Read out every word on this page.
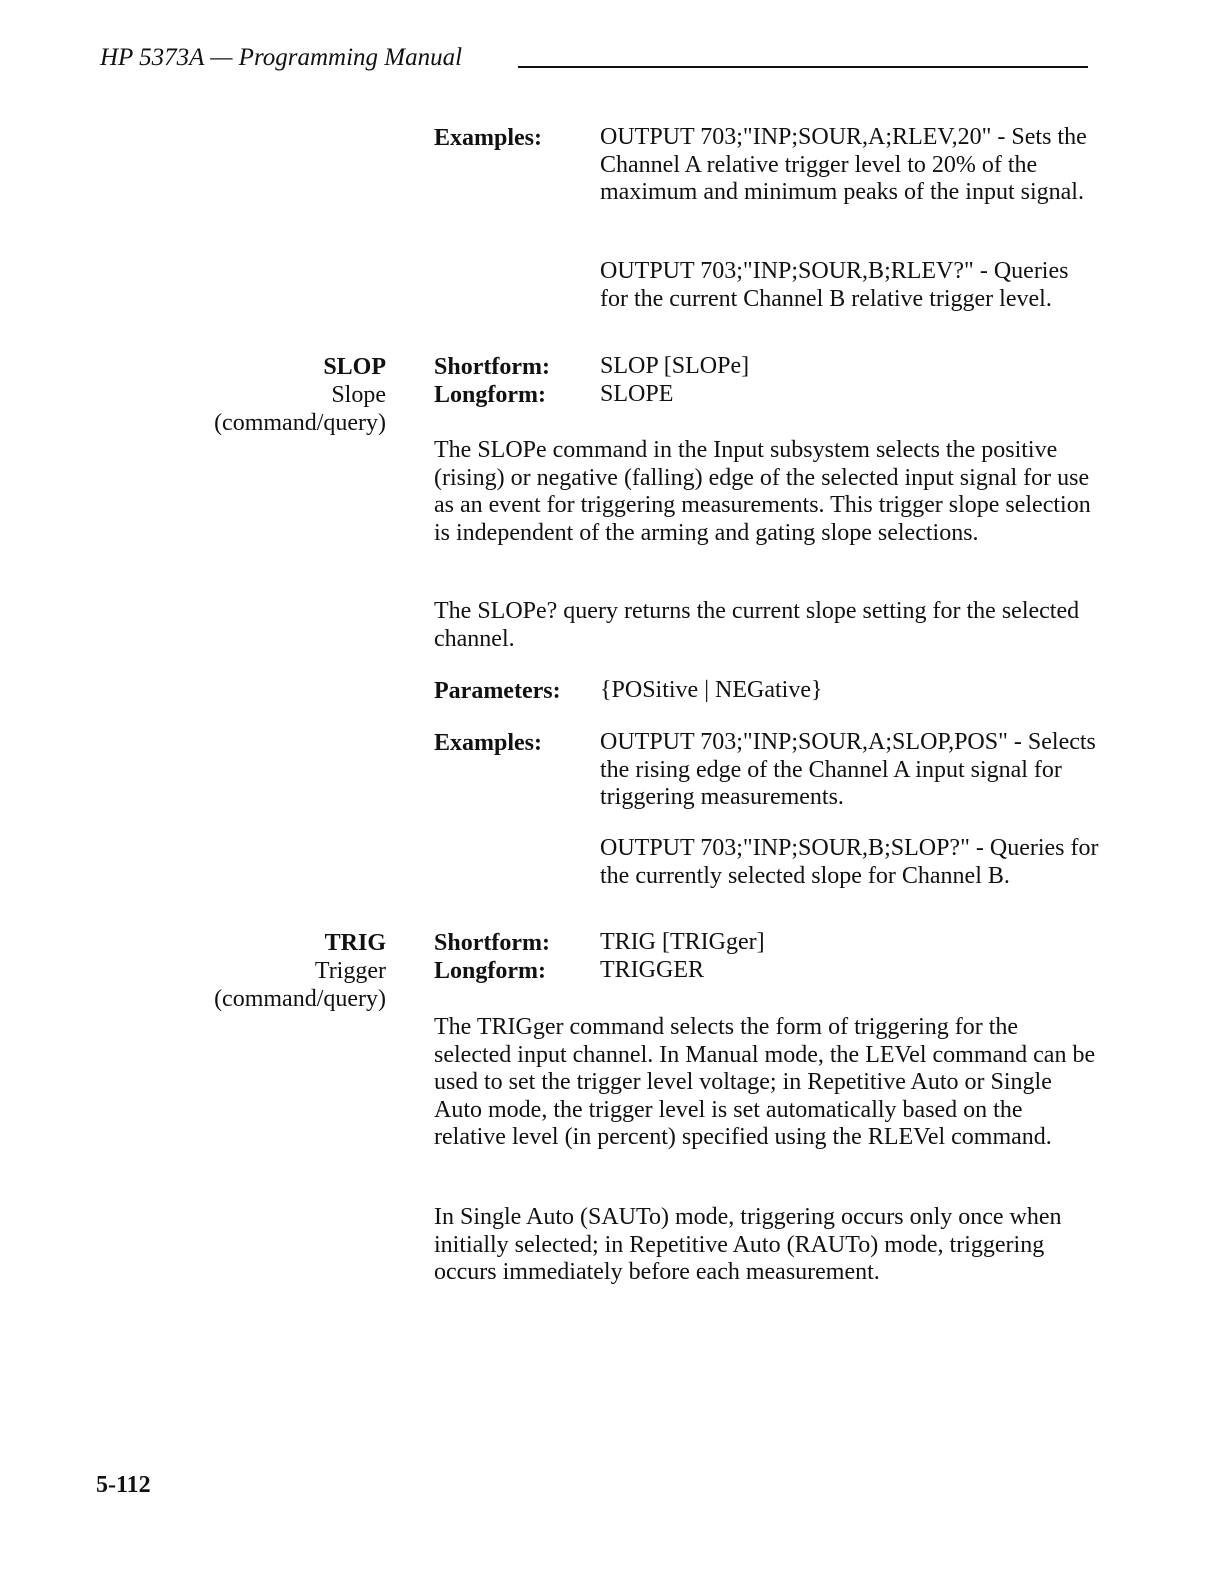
HP 5373A — Programming Manual
Examples: OUTPUT 703;"INP;SOUR,A;RLEV,20" - Sets the Channel A relative trigger level to 20% of the maximum and minimum peaks of the input signal.
OUTPUT 703;"INP;SOUR,B;RLEV?" - Queries for the current Channel B relative trigger level.
SLOP
Slope
(command/query)
Shortform: SLOP [SLOPe]
Longform: SLOPE
The SLOPe command in the Input subsystem selects the positive (rising) or negative (falling) edge of the selected input signal for use as an event for triggering measurements. This trigger slope selection is independent of the arming and gating slope selections.
The SLOPe? query returns the current slope setting for the selected channel.
Parameters: {POSitive | NEGative}
Examples: OUTPUT 703;"INP;SOUR,A;SLOP,POS" - Selects the rising edge of the Channel A input signal for triggering measurements.
OUTPUT 703;"INP;SOUR,B;SLOP?" - Queries for the currently selected slope for Channel B.
TRIG
Trigger
(command/query)
Shortform: TRIG [TRIGger]
Longform: TRIGGER
The TRIGger command selects the form of triggering for the selected input channel. In Manual mode, the LEVel command can be used to set the trigger level voltage; in Repetitive Auto or Single Auto mode, the trigger level is set automatically based on the relative level (in percent) specified using the RLEVel command.
In Single Auto (SAUTo) mode, triggering occurs only once when initially selected; in Repetitive Auto (RAUTo) mode, triggering occurs immediately before each measurement.
5-112
